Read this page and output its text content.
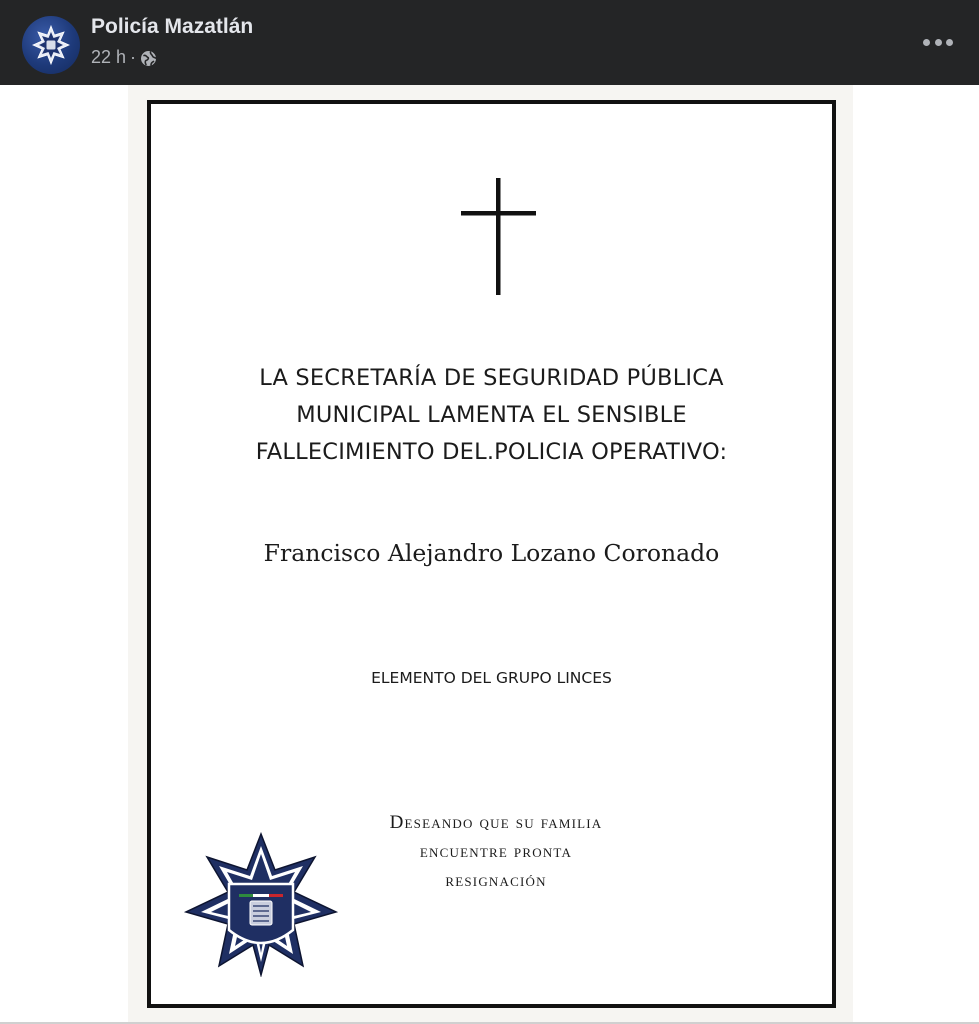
Policía Mazatlán
22 h ·
LA SECRETARÍA DE SEGURIDAD PÚBLICA
MUNICIPAL LAMENTA EL SENSIBLE
FALLECIMIENTO DEL.POLICIA OPERATIVO:
Francisco Alejandro Lozano Coronado
ELEMENTO DEL GRUPO LINCES
Deseando que su familia
encuentre pronta
resignación
